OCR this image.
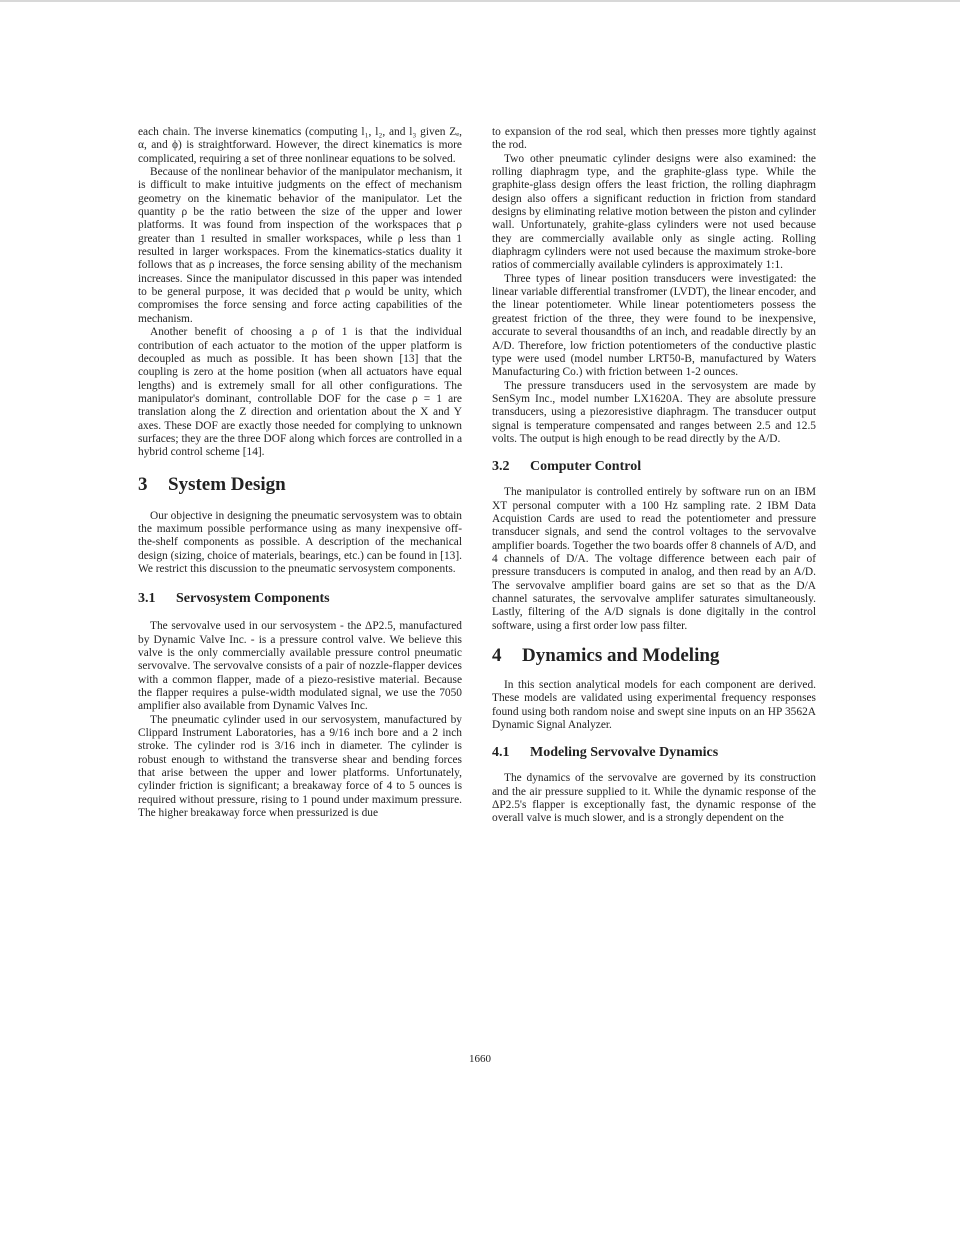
each chain. The inverse kinematics (computing l₁, l₂, and l₃ given Zₑ, α, and ϕ) is straightforward. However, the direct kinematics is more complicated, requiring a set of three nonlinear equations to be solved.

Because of the nonlinear behavior of the manipulator mechanism, it is difficult to make intuitive judgments on the effect of mechanism geometry on the kinematic behavior of the manipulator. Let the quantity ρ be the ratio between the size of the upper and lower platforms. It was found from inspection of the workspaces that ρ greater than 1 resulted in smaller workspaces, while ρ less than 1 resulted in larger workspaces. From the kinematics-statics duality it follows that as ρ increases, the force sensing ability of the mechanism increases. Since the manipulator discussed in this paper was intended to be general purpose, it was decided that ρ would be unity, which compromises the force sensing and force acting capabilities of the mechanism.

Another benefit of choosing a ρ of 1 is that the individual contribution of each actuator to the motion of the upper platform is decoupled as much as possible. It has been shown [13] that the coupling is zero at the home position (when all actuators have equal lengths) and is extremely small for all other configurations. The manipulator's dominant, controllable DOF for the case ρ = 1 are translation along the Z direction and orientation about the X and Y axes. These DOF are exactly those needed for complying to unknown surfaces; they are the three DOF along which forces are controlled in a hybrid control scheme [14].

3 System Design

Our objective in designing the pneumatic servosystem was to obtain the maximum possible performance using as many inexpensive off-the-shelf components as possible. A description of the mechanical design (sizing, choice of materials, bearings, etc.) can be found in [13]. We restrict this discussion to the pneumatic servosystem components.

3.1 Servosystem Components

The servovalve used in our servosystem - the ΔP2.5, manufactured by Dynamic Valve Inc. - is a pressure control valve. We believe this valve is the only commercially available pressure control pneumatic servovalve. The servovalve consists of a pair of nozzle-flapper devices with a common flapper, made of a piezo-resistive material. Because the flapper requires a pulse-width modulated signal, we use the 7050 amplifier also available from Dynamic Valves Inc.

The pneumatic cylinder used in our servosystem, manufactured by Clippard Instrument Laboratories, has a 9/16 inch bore and a 2 inch stroke. The cylinder rod is 3/16 inch in diameter. The cylinder is robust enough to withstand the transverse shear and bending forces that arise between the upper and lower platforms. Unfortunately, cylinder friction is significant; a breakaway force of 4 to 5 ounces is required without pressure, rising to 1 pound under maximum pressure. The higher breakaway force when pressurized is due

to expansion of the rod seal, which then presses more tightly against the rod.

Two other pneumatic cylinder designs were also examined: the rolling diaphragm type, and the graphite-glass type. While the graphite-glass design offers the least friction, the rolling diaphragm design also offers a significant reduction in friction from standard designs by eliminating relative motion between the piston and cylinder wall. Unfortunately, grahite-glass cylinders were not used because they are commercially available only as single acting. Rolling diaphragm cylinders were not used because the maximum stroke-bore ratios of commercially available cylinders is approximately 1:1.

Three types of linear position transducers were investigated: the linear variable differential transfromer (LVDT), the linear encoder, and the linear potentiometer. While linear potentiometers possess the greatest friction of the three, they were found to be inexpensive, accurate to several thousandths of an inch, and readable directly by an A/D. Therefore, low friction potentiometers of the conductive plastic type were used (model number LRT50-B, manufactured by Waters Manufacturing Co.) with friction between 1-2 ounces.

The pressure transducers used in the servosystem are made by SenSym Inc., model number LX1620A. They are absolute pressure transducers, using a piezoresistive diaphragm. The transducer output signal is temperature compensated and ranges between 2.5 and 12.5 volts. The output is high enough to be read directly by the A/D.

3.2 Computer Control

The manipulator is controlled entirely by software run on an IBM XT personal computer with a 100 Hz sampling rate. 2 IBM Data Acquistion Cards are used to read the potentiometer and pressure transducer signals, and send the control voltages to the servovalve amplifier boards. Together the two boards offer 8 channels of A/D, and 4 channels of D/A. The voltage difference between each pair of pressure transducers is computed in analog, and then read by an A/D. The servovalve amplifier board gains are set so that as the D/A channel saturates, the servovalve amplifer saturates simultaneously. Lastly, filtering of the A/D signals is done digitally in the control software, using a first order low pass filter.

4 Dynamics and Modeling

In this section analytical models for each component are derived. These models are validated using experimental frequency responses found using both random noise and swept sine inputs on an HP 3562A Dynamic Signal Analyzer.

4.1 Modeling Servovalve Dynamics

The dynamics of the servovalve are governed by its construction and the air pressure supplied to it. While the dynamic response of the ΔP2.5's flapper is exceptionally fast, the dynamic response of the overall valve is much slower, and is a strongly dependent on the

1660
